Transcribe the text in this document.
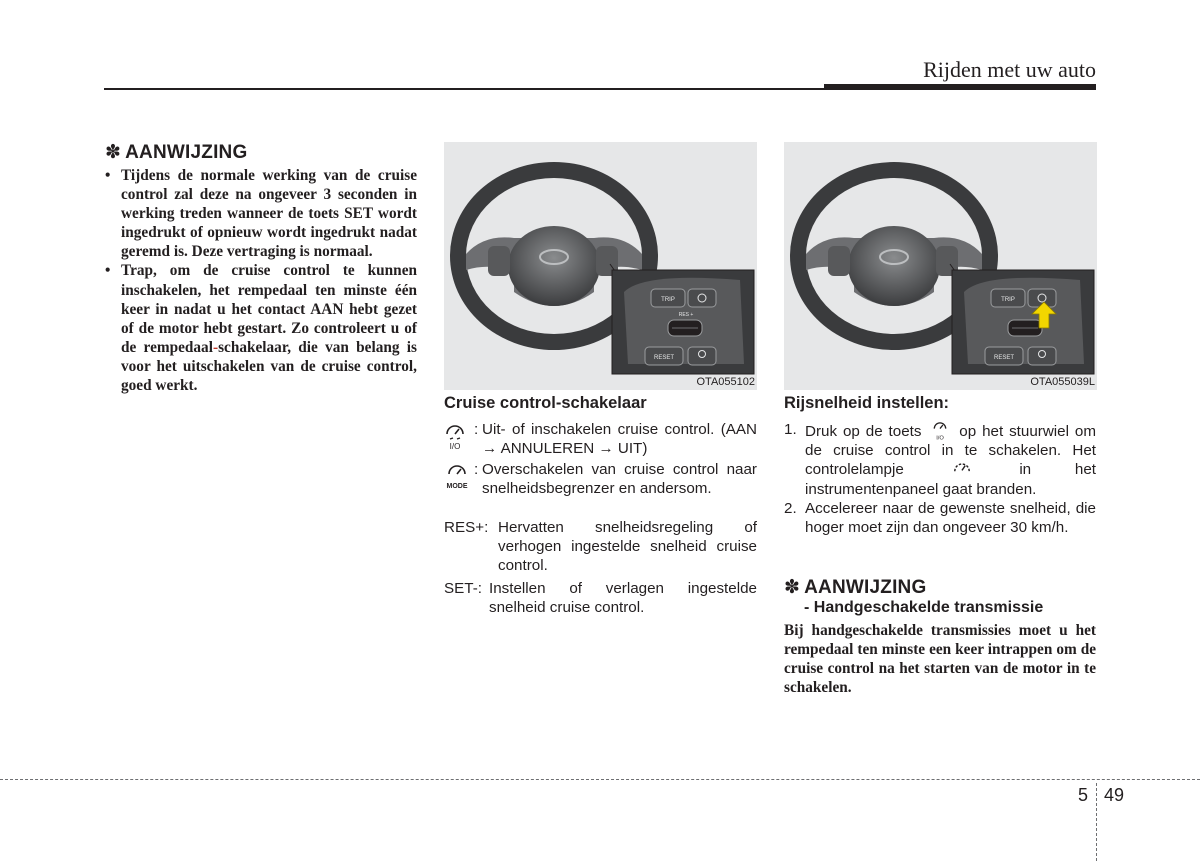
Rijden met uw auto
✽ AANWIJZING
• Tijdens de normale werking van de cruise control zal deze na ongeveer 3 seconden in werking treden wanneer de toets SET wordt ingedrukt of opnieuw wordt ingedrukt nadat geremd is. Deze vertraging is normaal.
• Trap, om de cruise control te kunnen inschakelen, het rempedaal ten minste één keer in nadat u het contact AAN hebt gezet of de motor hebt gestart. Zo controleert u of de rempedaal-schakelaar, die van belang is voor het uitschakelen van de cruise control, goed werkt.
TRIP
RES +
RESET
OTA055102
TRIP
RESET
OTA055039L
Cruise control-schakelaar
I/O
: Uit- of inschakelen cruise control. (AAN → ANNULEREN → UIT)
MODE
: Overschakelen van cruise control naar snelheidsbegrenzer en andersom.
RES+: Hervatten snelheidsregeling of verhogen ingestelde snelheid cruise control.
SET-: Instellen of verlagen ingestelde snelheid cruise control.
Rijsnelheid instellen:
1. Druk op de toets I/O op het stuurwiel om de cruise control in te schakelen. Het controlelampje	in het instrumentenpaneel gaat branden.
2. Accelereer naar de gewenste snelheid, die hoger moet zijn dan ongeveer 30 km/h.
✽ AANWIJZING
- Handgeschakelde transmissie
Bij handgeschakelde transmissies moet u het rempedaal ten minste een keer intrappen om de cruise control na het starten van de motor in te schakelen.
5 49
